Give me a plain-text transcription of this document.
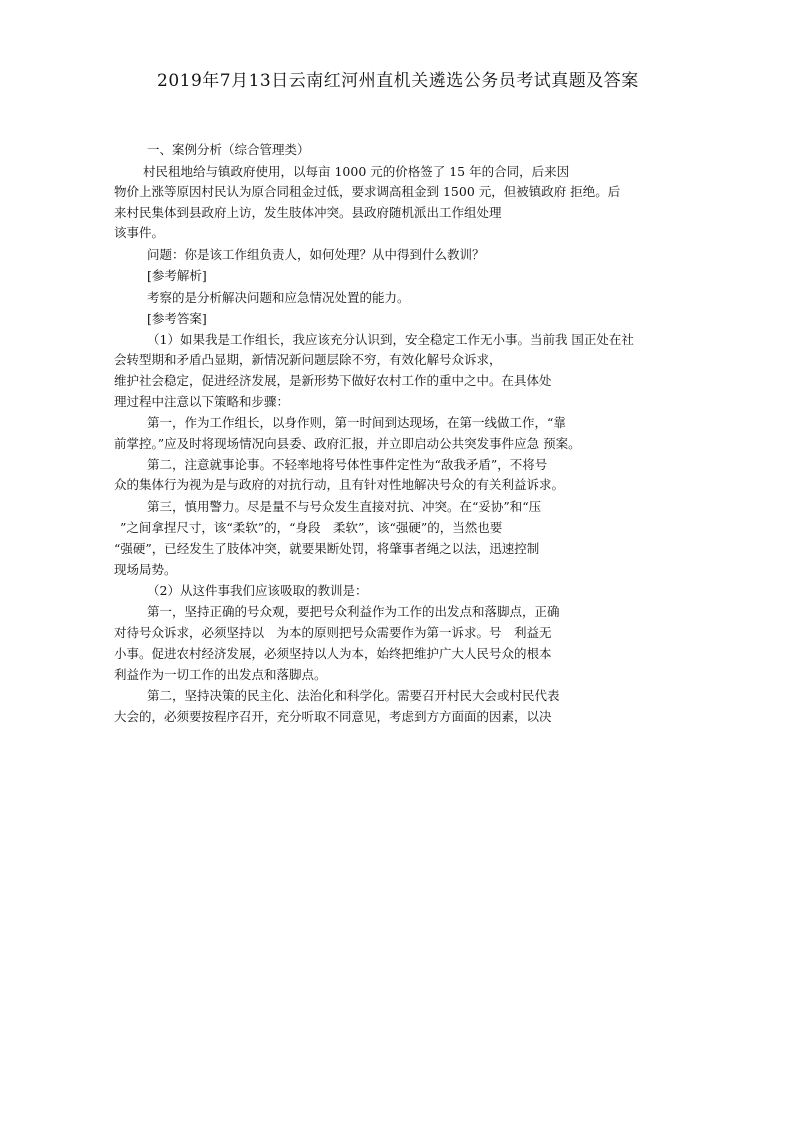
2019年7月13日云南红河州直机关遴选公务员考试真题及答案
一、案例分析（综合管理类）
村民租地给与镇政府使用，以每亩 1000 元的价格签了 15 年的合同，后来因
物价上涨等原因村民认为原合同租金过低，要求调高租金到 1500 元，但被镇政府 拒绝。后
来村民集体到县政府上访，发生肢体冲突。县政府随机派出工作组处理
该事件。
问题：你是该工作组负责人，如何处理？从中得到什么教训？
[参考解析]
考察的是分析解决问题和应急情况处置的能力。
[参考答案]
（1）如果我是工作组长，我应该充分认识到，安全稳定工作无小事。当前我 国正处在社
会转型期和矛盾凸显期，新情况新问题层除不穷，有效化解号众诉求，
维护社会稳定，促进经济发展，是新形势下做好农村工作的重中之中。在具体处
理过程中注意以下策略和步骤：
第一，作为工作组长，以身作则，第一时间到达现场，在第一线做工作，“靠
前掌控。”应及时将现场情况向县委、政府汇报，并立即启动公共突发事件应急 预案。
第二，注意就事论事。不轻率地将号体性事件定性为“敌我矛盾”，不将号
众的集体行为视为是与政府的对抗行动，且有针对性地解决号众的有关利益诉求。
第三，慎用警力。尽是量不与号众发生直接对抗、冲突。在“妥协”和“压
”之间拿捏尺寸，该“柔软”的，“身段　柔软”，该“强硬”的，当然也要
“强硬”，已经发生了肢体冲突，就要果断处罚，将肇事者绳之以法，迅速控制
现场局势。
（2）从这件事我们应该吸取的教训是：
第一，坚持正确的号众观，要把号众利益作为工作的出发点和落脚点，正确
对待号众诉求，必须坚持以　为本的原则把号众需要作为第一诉求。号　利益无
小事。促进农村经济发展，必须坚持以人为本，始终把维护广大人民号众的根本
利益作为一切工作的出发点和落脚点。
第二，坚持决策的民主化、法治化和科学化。需要召开村民大会或村民代表
大会的，必须要按程序召开，充分听取不同意见，考虑到方方面面的因素，以决
